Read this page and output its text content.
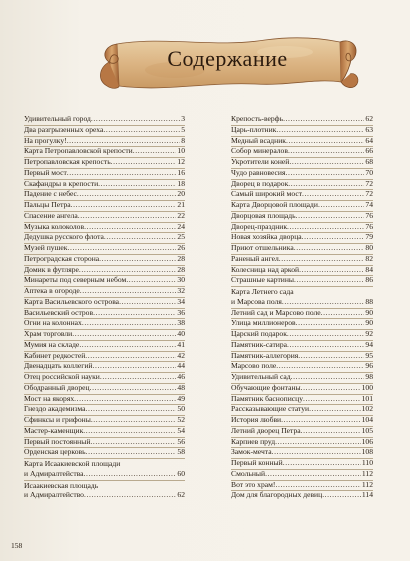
Содержание
Удивительный город .....	3
Два разгрызенных ореха .....	5
На прогулку! .....	8
Карта Петропавловской крепости .....	10
Петропавловская крепость .....	12
Первый мост .....	16
Скафандры в крепости .....	18
Падение с небес .....	20
Пальцы Петра .....	21
Спасение ангела .....	22
Музыка колоколов .....	24
Дедушка русского флота .....	25
Музей пушек .....	26
Петроградская сторона .....	28
Домик в футляре .....	28
Минареты под северным небом .....	30
Аптека в огороде .....	32
Карта Васильевского острова .....	34
Васильевский остров .....	36
Огни на колоннах .....	38
Храм торговли .....	40
Мумия на складе .....	41
Кабинет редкостей .....	42
Двенадцать коллегий .....	44
Отец российской науки .....	46
Ободранный дворец .....	48
Мост на якорях .....	49
Гнездо академизма .....	50
Сфинксы и грифоны .....	52
Мастер-каменщик .....	54
Первый постоянный .....	56
Орденская церковь .....	58
Карта Исаакиевской площади
и Адмиралтейства .....	60
Исаакиевская площадь
и Адмиралтейство .....	62
Крепость-верфь .....	62
Царь-плотник .....	63
Медный всадник .....	64
Собор минералов .....	66
Укротители коней .....	68
Чудо равновесия .....	70
Дворец в подарок .....	72
Самый широкий мост .....	72
Карта Дворцовой площади .....	74
Дворцовая площадь .....	76
Дворец-праздник .....	76
Новая хозяйка дворца .....	79
Приют отшельника .....	80
Раненый ангел .....	82
Колесница над аркой .....	84
Страшные картины .....	86
Карта Летнего сада
и Марсова поля .....	88
Летний сад и Марсово поле .....	90
Улица миллионеров .....	90
Царский подарок .....	92
Памятник-сатира .....	94
Памятник-аллегория .....	95
Марсово поле .....	96
Удивительный сад .....	98
Обучающие фонтаны .....	100
Памятник баснописцу .....	101
Рассказывающие статуи .....	102
История любви .....	104
Летний дворец Петра .....	105
Карпиев пруд .....	106
Замок-мечта .....	108
Первый конный .....	110
Смольный .....	112
Вот это храм! .....	112
Дом для благородных девиц .....	114
158
